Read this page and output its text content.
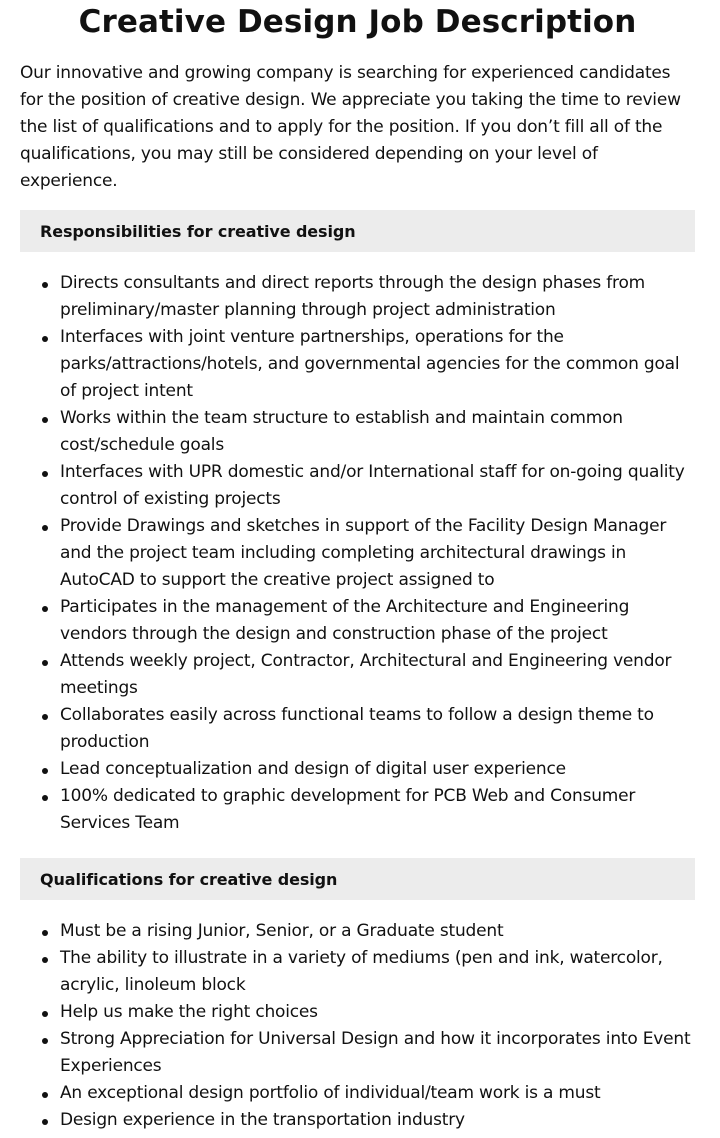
Creative Design Job Description

Our innovative and growing company is searching for experienced candidates for the position of creative design. We appreciate you taking the time to review the list of qualifications and to apply for the position. If you don’t fill all of the qualifications, you may still be considered depending on your level of experience.

Responsibilities for creative design
Directs consultants and direct reports through the design phases from preliminary/master planning through project administration
Interfaces with joint venture partnerships, operations for the parks/attractions/hotels, and governmental agencies for the common goal of project intent
Works within the team structure to establish and maintain common cost/schedule goals
Interfaces with UPR domestic and/or International staff for on-going quality control of existing projects
Provide Drawings and sketches in support of the Facility Design Manager and the project team including completing architectural drawings in AutoCAD to support the creative project assigned to
Participates in the management of the Architecture and Engineering vendors through the design and construction phase of the project
Attends weekly project, Contractor, Architectural and Engineering vendor meetings
Collaborates easily across functional teams to follow a design theme to production
Lead conceptualization and design of digital user experience
100% dedicated to graphic development for PCB Web and Consumer Services Team
Qualifications for creative design
Must be a rising Junior, Senior, or a Graduate student
The ability to illustrate in a variety of mediums (pen and ink, watercolor, acrylic, linoleum block
Help us make the right choices
Strong Appreciation for Universal Design and how it incorporates into Event Experiences
An exceptional design portfolio of individual/team work is a must
Design experience in the transportation industry
